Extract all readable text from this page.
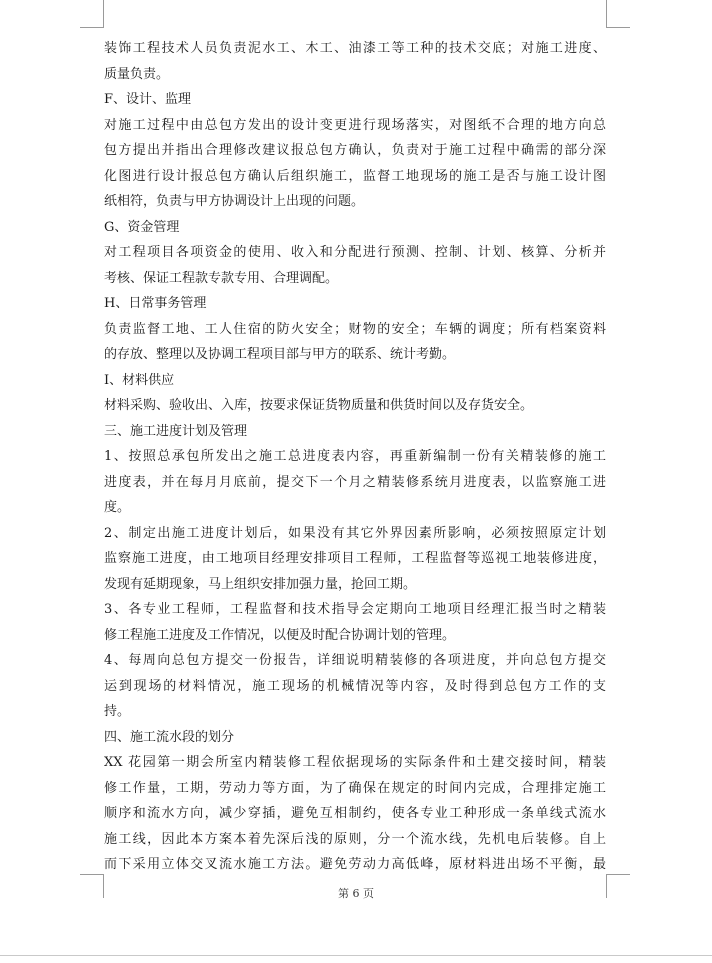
装饰工程技术人员负责泥水工、木工、油漆工等工种的技术交底；对施工进度、
质量负责。
F、设计、监理
对施工过程中由总包方发出的设计变更进行现场落实，对图纸不合理的地方向总
包方提出并指出合理修改建议报总包方确认，负责对于施工过程中确需的部分深
化图进行设计报总包方确认后组织施工，监督工地现场的施工是否与施工设计图
纸相符，负责与甲方协调设计上出现的问题。
G、资金管理
对工程项目各项资金的使用、收入和分配进行预测、控制、计划、核算、分析并
考核、保证工程款专款专用、合理调配。
H、日常事务管理
负责监督工地、工人住宿的防火安全；财物的安全；车辆的调度；所有档案资料
的存放、整理以及协调工程项目部与甲方的联系、统计考勤。
I、材料供应
材料采购、验收出、入库，按要求保证货物质量和供货时间以及存货安全。
三、施工进度计划及管理
1、按照总承包所发出之施工总进度表内容，再重新编制一份有关精装修的施工
进度表，并在每月月底前，提交下一个月之精装修系统月进度表，以监察施工进
度。
2、制定出施工进度计划后，如果没有其它外界因素所影响，必须按照原定计划
监察施工进度，由工地项目经理安排项目工程师，工程监督等巡视工地装修进度，
发现有延期现象，马上组织安排加强力量，抢回工期。
3、各专业工程师，工程监督和技术指导会定期向工地项目经理汇报当时之精装
修工程施工进度及工作情况，以便及时配合协调计划的管理。
4、每周向总包方提交一份报告，详细说明精装修的各项进度，并向总包方提交
运到现场的材料情况，施工现场的机械情况等内容，及时得到总包方工作的支
持。
四、施工流水段的划分
XX 花园第一期会所室内精装修工程依据现场的实际条件和土建交接时间，精装
修工作量，工期，劳动力等方面，为了确保在规定的时间内完成，合理排定施工
顺序和流水方向，减少穿插，避免互相制约，使各专业工种形成一条单线式流水
施工线，因此本方案本着先深后浅的原则，分一个流水线，先机电后装修。自上
而下采用立体交叉流水施工方法。避免劳动力高低峰，原材料进出场不平衡，最
第 6 页
